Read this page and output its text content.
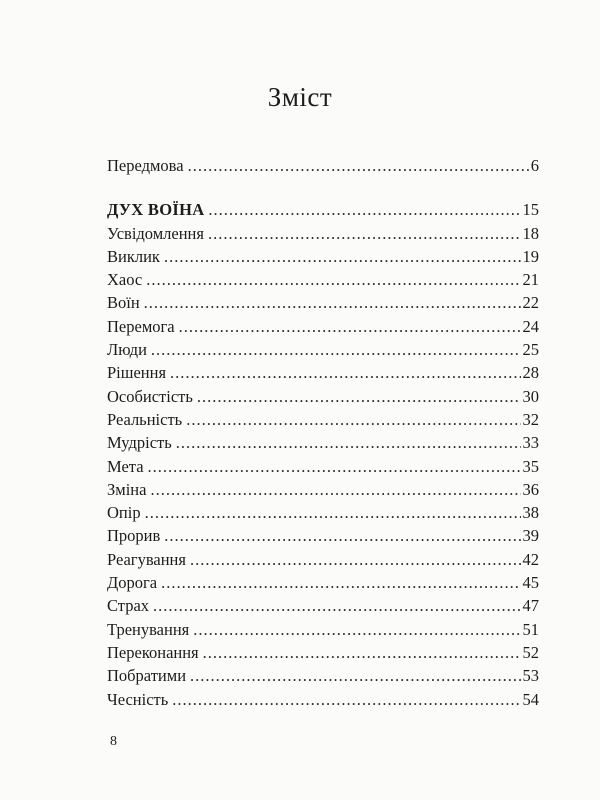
Зміст
Передмова .....	6
ДУХ ВОЇНА .....	15
Усвідомлення .....	18
Виклик .....	19
Хаос .....	21
Воїн .....	22
Перемога .....	24
Люди .....	25
Рішення .....	28
Особистість .....	30
Реальність .....	32
Мудрість .....	33
Мета .....	35
Зміна .....	36
Опір .....	38
Прорив .....	39
Реагування .....	42
Дорога .....	45
Страх .....	47
Тренування .....	51
Переконання .....	52
Побратими .....	53
Чесність .....	54
8
